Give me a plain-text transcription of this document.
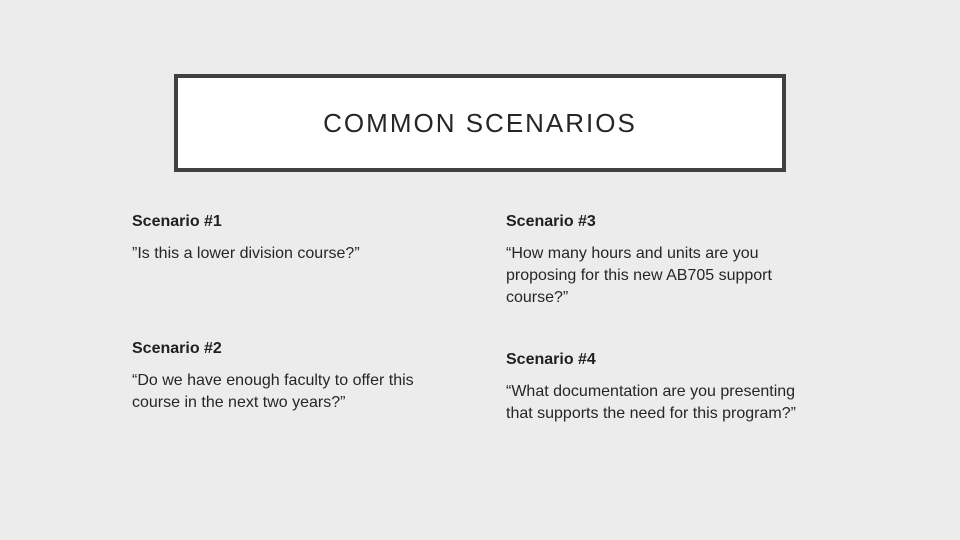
COMMON SCENARIOS

Scenario #1

”Is this a lower division course?”

Scenario #2

“Do we have enough faculty to offer this course in the next two years?”

Scenario #3

“How many hours and units are you proposing for this new AB705 support course?”

Scenario #4

“What documentation are you presenting that supports the need for this program?”
